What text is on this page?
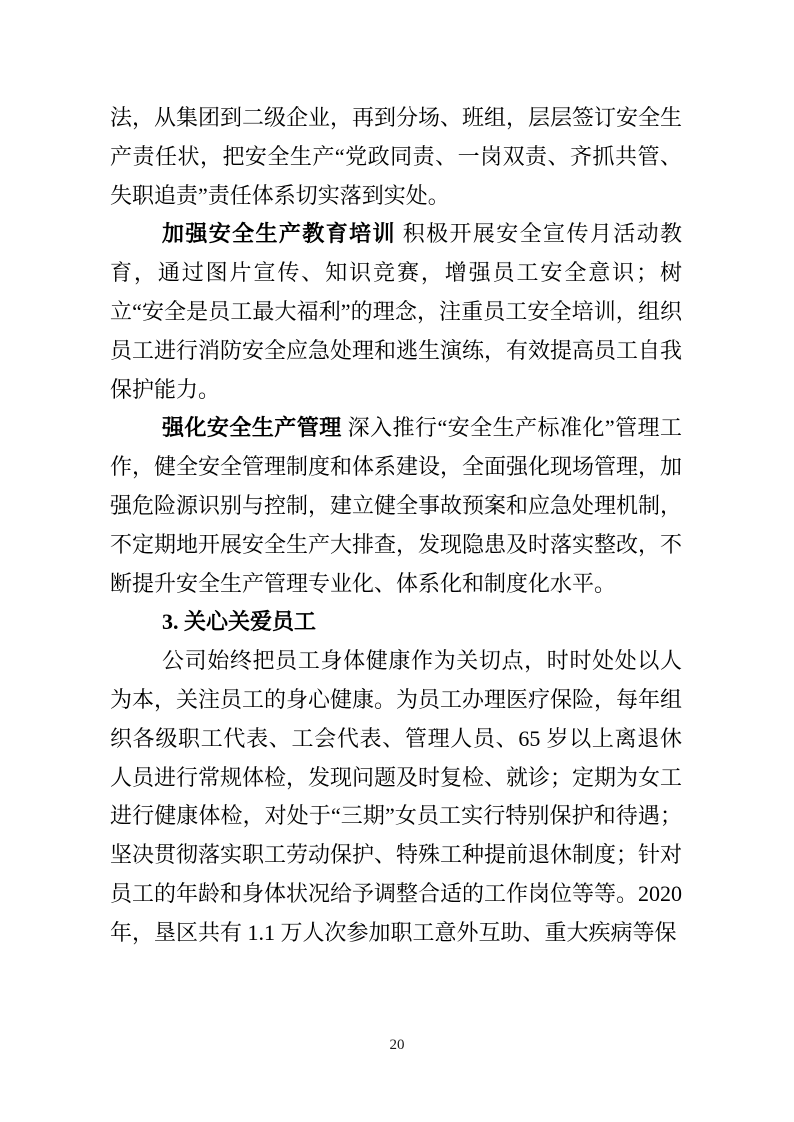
法，从集团到二级企业，再到分场、班组，层层签订安全生产责任状，把安全生产“党政同责、一岗双责、齐抓共管、失职追责”责任体系切实落到实处。

加强安全生产教育培训 积极开展安全宣传月活动教育，通过图片宣传、知识竞赛，增强员工安全意识；树立“安全是员工最大福利”的理念，注重员工安全培训，组织员工进行消防安全应急处理和逃生演练，有效提高员工自我保护能力。

强化安全生产管理 深入推行“安全生产标准化”管理工作，健全安全管理制度和体系建设，全面强化现场管理，加强危险源识别与控制，建立健全事故预案和应急处理机制，不定期地开展安全生产大排查，发现隐患及时落实整改，不断提升安全生产管理专业化、体系化和制度化水平。

3. 关心关爱员工

公司始终把员工身体健康作为关切点，时时处处以人为本，关注员工的身心健康。为员工办理医疗保险，每年组织各级职工代表、工会代表、管理人员、65 岁以上离退休人员进行常规体检，发现问题及时复检、就诊；定期为女工进行健康体检，对处于“三期”女员工实行特别保护和待遇；坚决贯彻落实职工劳动保护、特殊工种提前退休制度；针对员工的年龄和身体状况给予调整合适的工作岗位等等。2020 年，垦区共有 1.1 万人次参加职工意外互助、重大疾病等保

20
